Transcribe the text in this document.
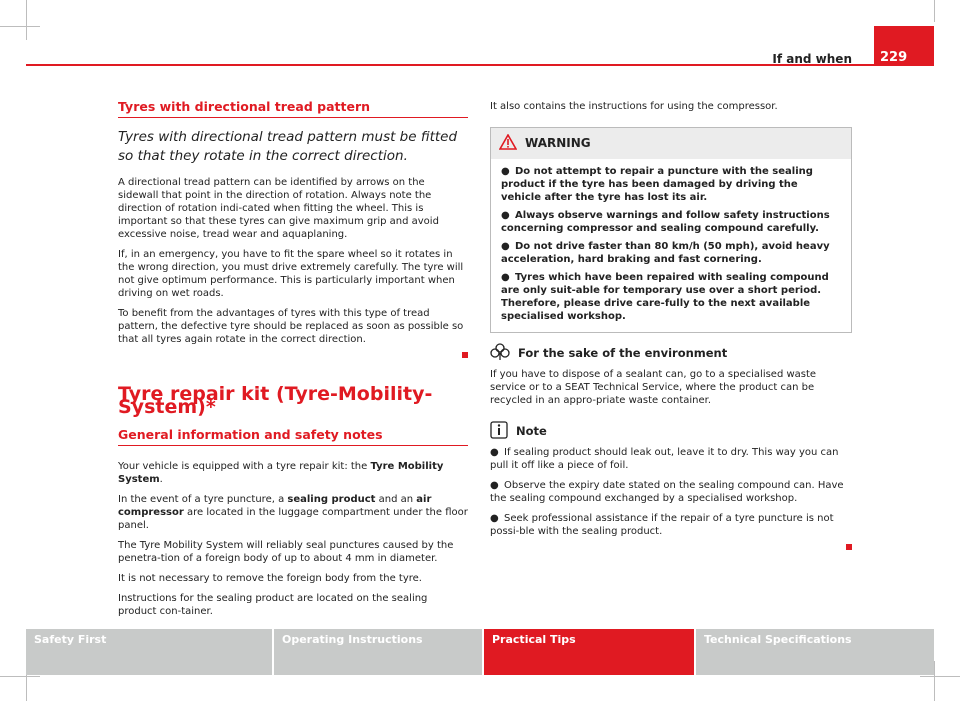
If and when	229
Tyres with directional tread pattern

Tyres with directional tread pattern must be fitted so that they rotate in the correct direction.

A directional tread pattern can be identified by arrows on the sidewall that point in the direction of rotation. Always note the direction of rotation indi-cated when fitting the wheel. This is important so that these tyres can give maximum grip and avoid excessive noise, tread wear and aquaplaning.

If, in an emergency, you have to fit the spare wheel so it rotates in the wrong direction, you must drive extremely carefully. The tyre will not give optimum performance. This is particularly important when driving on wet roads.

To benefit from the advantages of tyres with this type of tread pattern, the defective tyre should be replaced as soon as possible so that all tyres again rotate in the correct direction.

Tyre repair kit (Tyre-Mobility-System)*
General information and safety notes

Your vehicle is equipped with a tyre repair kit: the Tyre Mobility System.

In the event of a tyre puncture, a sealing product and an air compressor are located in the luggage compartment under the floor panel.

The Tyre Mobility System will reliably seal punctures caused by the penetra-tion of a foreign body of up to about 4 mm in diameter.

It is not necessary to remove the foreign body from the tyre.

Instructions for the sealing product are located on the sealing product con-tainer.

It also contains the instructions for using the compressor.

WARNING

● Do not attempt to repair a puncture with the sealing product if the tyre has been damaged by driving the vehicle after the tyre has lost its air.

● Always observe warnings and follow safety instructions concerning compressor and sealing compound carefully.

● Do not drive faster than 80 km/h (50 mph), avoid heavy acceleration, hard braking and fast cornering.

● Tyres which have been repaired with sealing compound are only suit-able for temporary use over a short period. Therefore, please drive care-fully to the next available specialised workshop.

For the sake of the environment

If you have to dispose of a sealant can, go to a specialised waste service or to a SEAT Technical Service, where the product can be recycled in an appro-priate waste container.

Note

● If sealing product should leak out, leave it to dry. This way you can pull it off like a piece of foil.

● Observe the expiry date stated on the sealing compound can. Have the sealing compound exchanged by a specialised workshop.

● Seek professional assistance if the repair of a tyre puncture is not possi-ble with the sealing product.

Safety First	Operating Instructions	Practical Tips	Technical Specifications
